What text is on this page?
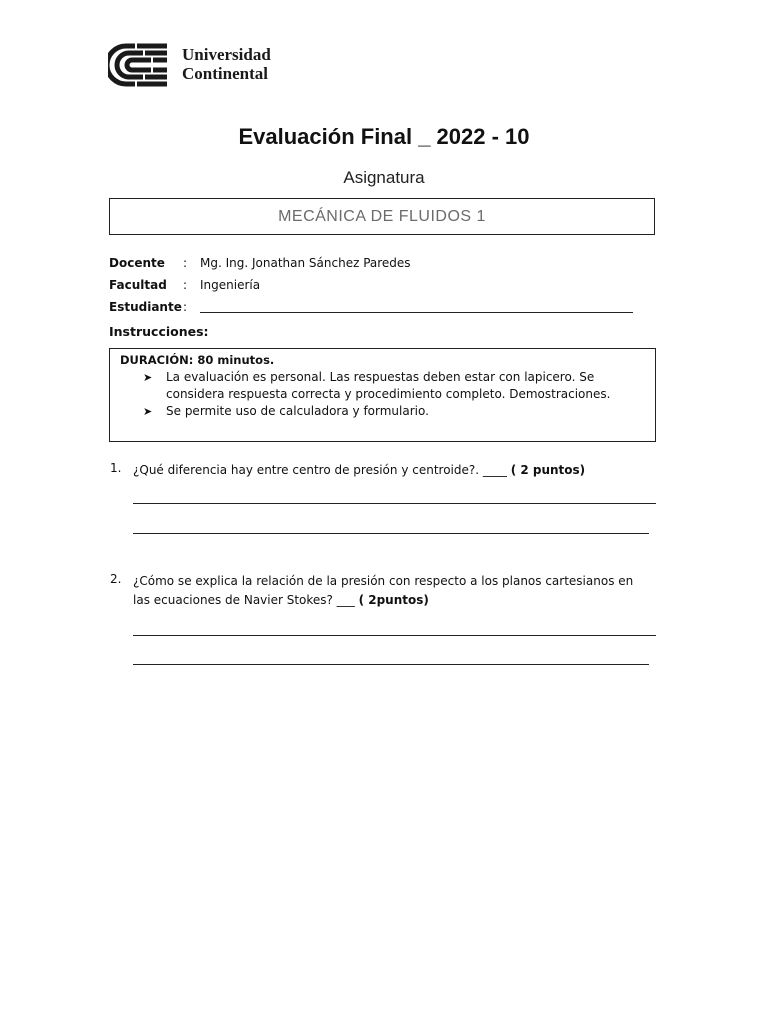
Universidad
Continental
Evaluación Final _ 2022 - 10
Asignatura
MECÁNICA DE FLUIDOS 1
Docente	: Mg. Ing. Jonathan Sánchez Paredes
Facultad	: Ingeniería
Estudiante :
Instrucciones:
DURACIÓN: 80 minutos.
➤ La evaluación es personal. Las respuestas deben estar con lapicero. Se
considera respuesta correcta y procedimiento completo. Demostraciones.
➤ Se permite uso de calculadora y formulario.
1. ¿Qué diferencia hay entre centro de presión y centroide?. ____ ( 2 puntos)
2. ¿Cómo se explica la relación de la presión con respecto a los planos cartesianos en
las ecuaciones de Navier Stokes? ___ ( 2puntos)
